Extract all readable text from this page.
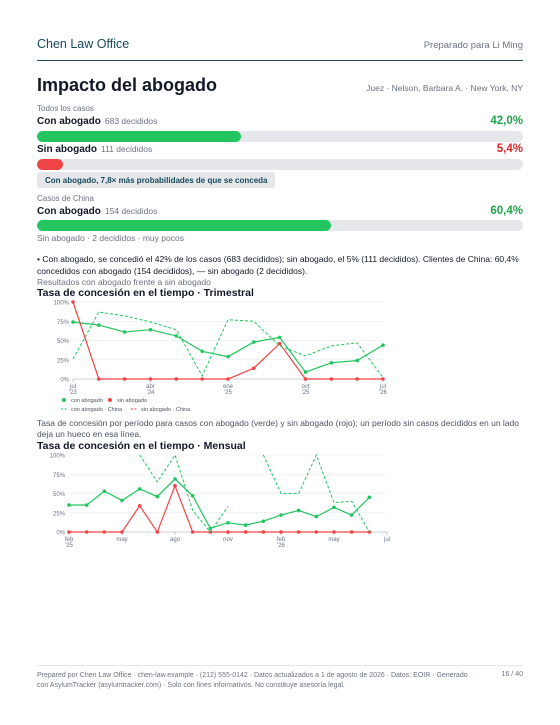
Chen Law Office	Preparado para Li Ming
Impacto del abogado	Juez · Nelson, Barbara A. · New York, NY
Todos los casos
Con abogado 683 decididos	42,0%
Sin abogado 111 decididos	5,4%
Con abogado, 7,8× más probabilidades de que se conceda
Casos de China
Con abogado 154 decididos	60,4%
Sin abogado · 2 decididos · muy pocos
• Con abogado, se concedió el 42% de los casos (683 decididos); sin abogado, el 5% (111 decididos). Clientes de China: 60,4% concedidos con abogado (154 decididos), — sin abogado (2 decididos).
Resultados con abogado frente a sin abogado
Tasa de concesión en el tiempo · Trimestral
100%
75%
50%
25%
0%
jul
'23
abr
'24
ene
'25
oct
'25
jul
'26
con abogado	sin abogado
con abogado · China	sin abogado · China
Tasa de concesión por período para casos con abogado (verde) y sin abogado (rojo); un período sin casos decididos en un lado deja un hueco en esa línea.
Tasa de concesión en el tiempo · Mensual
100%
75%
50%
25%
0%
feb
'25
may	ago	nov	feb
'26
may	jul
Prepared por Chen Law Office · chen-law.example · (212) 555-0142 · Datos actualizados a 1 de agosto de 2026 · Datos: EOIR · Generado con AsylumTracker (asylumtracker.com) · Solo con fines informativos. No constituye asesoría legal.
16 / 40
